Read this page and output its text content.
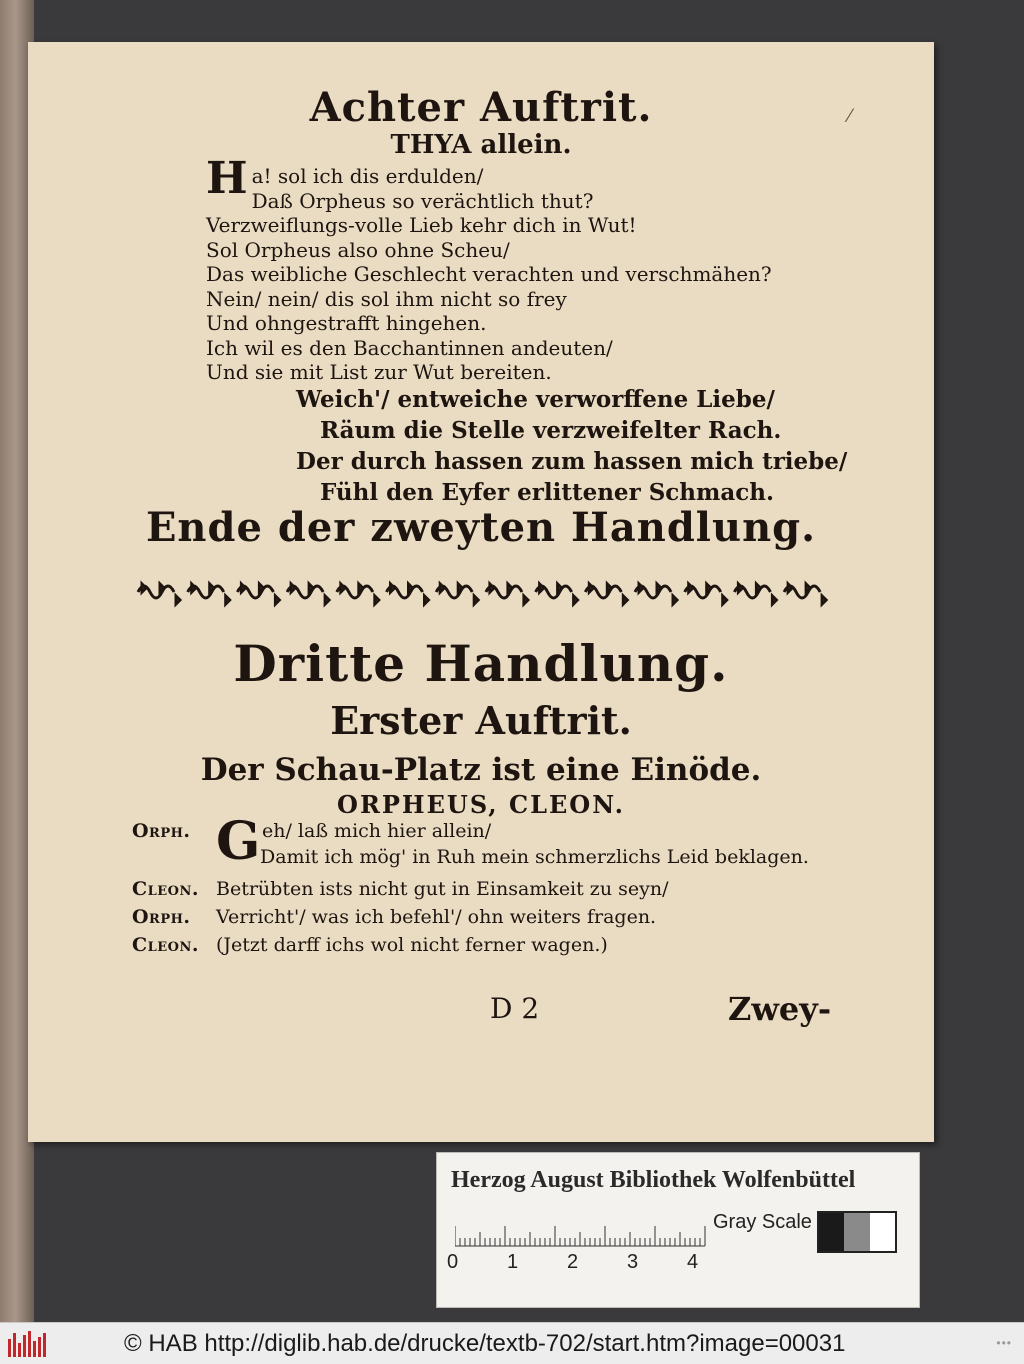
⁄
Achter Auftrit.
THYA allein.
H a! sol ich dis erdulden/
Daß Orpheus so verächtlich thut?
Verzweiflungs-volle Lieb kehr dich in Wut!
Sol Orpheus also ohne Scheu/
Das weibliche Geschlecht verachten und verschmähen?
Nein/ nein/ dis sol ihm nicht so frey
Und ohngestrafft hingehen.
Ich wil es den Bacchantinnen andeuten/
Und sie mit List zur Wut bereiten.
Weich'/ entweiche verworffene Liebe/
Räum die Stelle verzweifelter Rach.
Der durch hassen zum hassen mich triebe/
Fühl den Eyfer erlittener Schmach.
Ende der zweyten Handlung.
Dritte Handlung.
Erster Auftrit.
Der Schau-Platz ist eine Einöde.
ORPHEUS, CLEON.
Orph. G eh/ laß mich hier allein/
Damit ich mög' in Ruh mein schmerzlichs Leid beklagen.
Cleon. Betrübten ists nicht gut in Einsamkeit zu seyn/
Orph.	Verricht'/ was ich befehl'/ ohn weiters fragen.
Cleon. (Jetzt darff ichs wol nicht ferner wagen.)
D 2	Zwey-
Herzog August Bibliothek Wolfenbüttel
0 1 2 3 4
Gray Scale
© HAB http://diglib.hab.de/drucke/textb-702/start.htm?image=00031	•••
